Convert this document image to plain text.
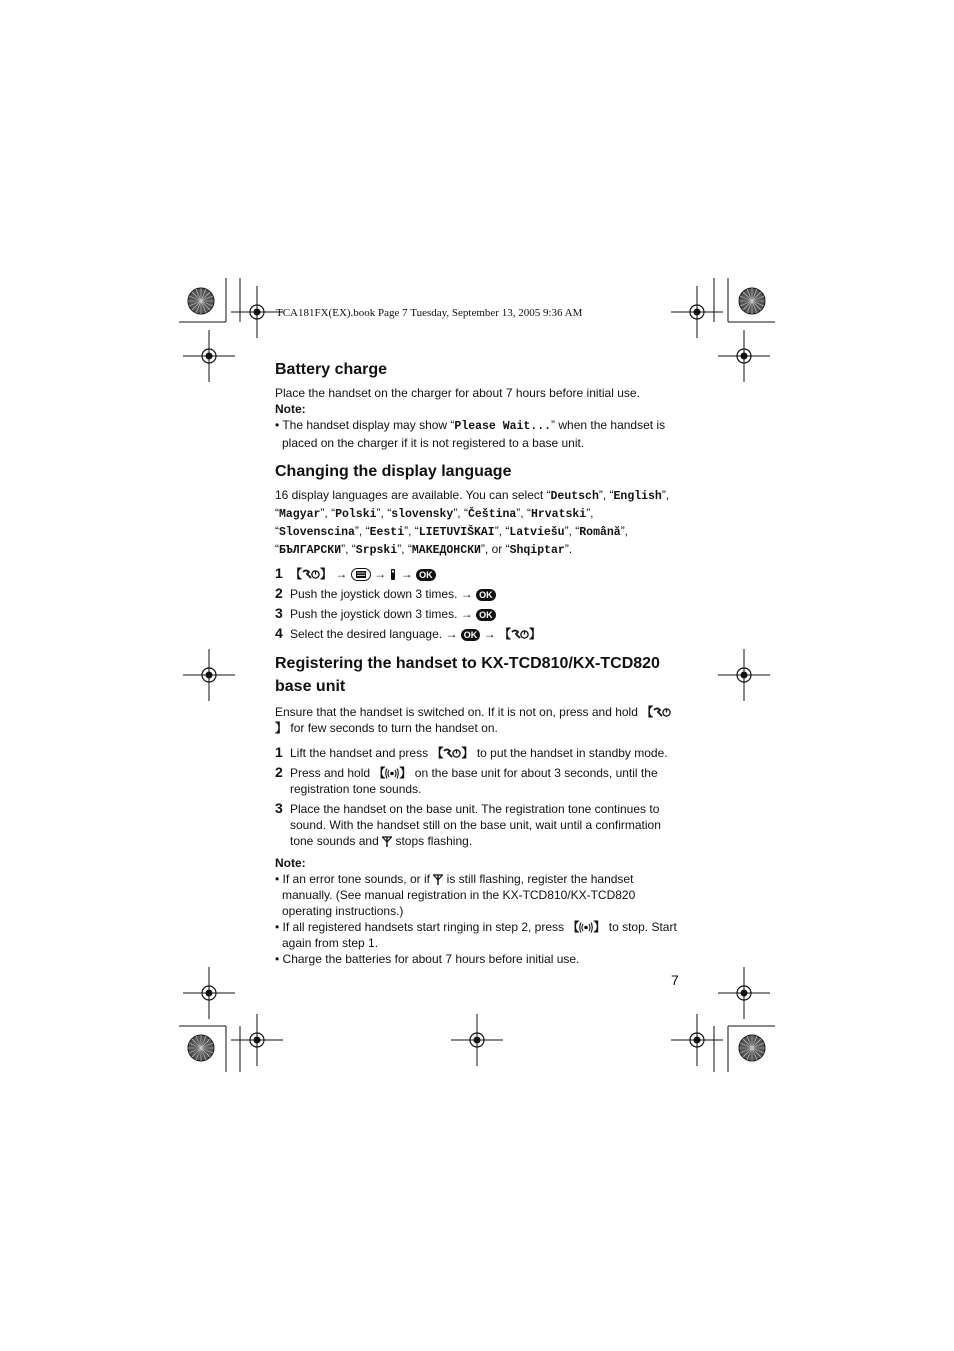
TCA181FX(EX).book Page 7 Tuesday, September 13, 2005 9:36 AM
Battery charge

Place the handset on the charger for about 7 hours before initial use.

Note:

• The handset display may show “Please Wait...” when the handset is placed on the charger if it is not registered to a base unit.

Changing the display language

16 display languages are available. You can select “Deutsch”, “English”, “Magyar”, “Polski”, “slovensky”, “Čeština”, “Hrvatski”, “Slovenscina”, “Eesti”, “LIETUVIŠKAI”, “Latviešu”, “Română”, “БЪЛГАРСКИ”, “Srpski”, “МАКЕДОНСКИ”, or “Shqiptar”.

1 【 】 → → → OK
2 Push the joystick down 3 times. → OK
3 Push the joystick down 3 times. → OK
4 Select the desired language. → OK → 【 】
Registering the handset to KX-TCD810/KX-TCD820
base unit

Ensure that the handset is switched on. If it is not on, press and hold 【】 for few seconds to turn the handset on.

1 Lift the handset and press 【 】 to put the handset in standby mode.
2 Press and hold 【 】 on the base unit for about 3 seconds, until the registration tone sounds.
3 Place the handset on the base unit. The registration tone continues to sound. With the handset still on the base unit, wait until a confirmation tone sounds and stops flashing.

Note:

• If an error tone sounds, or if is still flashing, register the handset manually. (See manual registration in the KX-TCD810/KX-TCD820 operating instructions.)

• If all registered handsets start ringing in step 2, press 【 】 to stop. Start again from step 1.

• Charge the batteries for about 7 hours before initial use.

7
